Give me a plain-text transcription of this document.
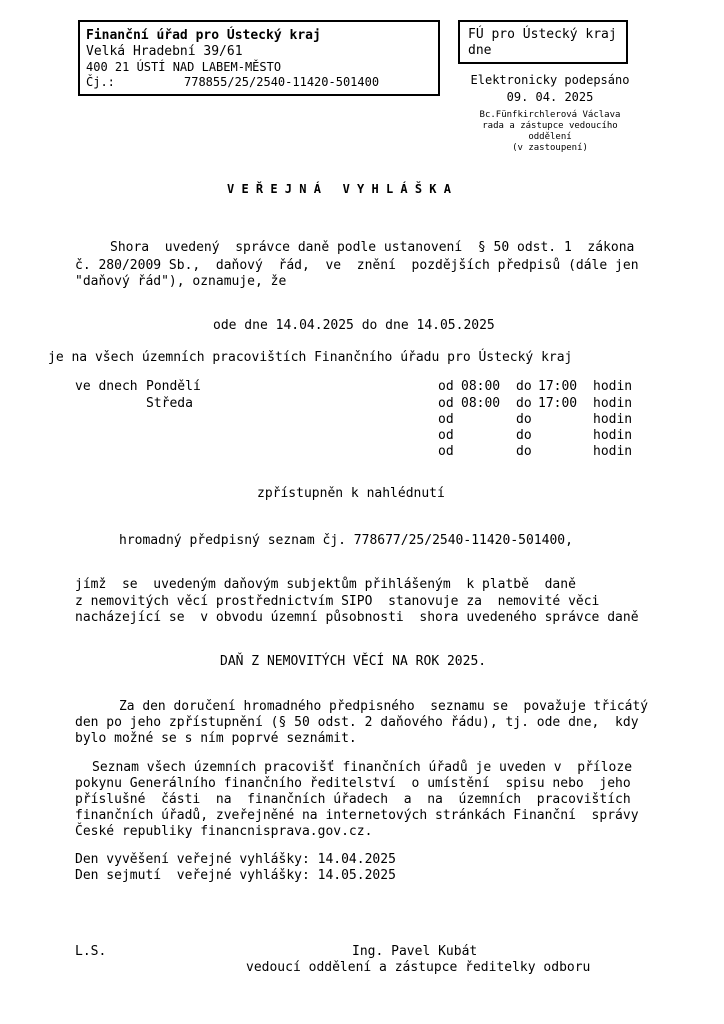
Finanční úřad pro Ústecký kraj
Velká Hradební 39/61
400 21 ÚSTÍ NAD LABEM-MĚSTO
Čj.:	778855/25/2540-11420-501400
FÚ pro Ústecký kraj
dne
Elektronicky podepsáno
09. 04. 2025
Bc.Fünfkirchlerová Václava
rada a zástupce vedoucího
oddělení
(v zastoupení)
V E Ř E J N Á   V Y H L Á Š K A
Shora  uvedený  správce daně podle ustanovení  § 50 odst. 1  zákona
č. 280/2009 Sb.,  daňový  řád,  ve  znění  pozdějších předpisů (dále jen
"daňový řád"), oznamuje, že
ode dne 14.04.2025 do dne 14.05.2025
je na všech územních pracovištích Finančního úřadu pro Ústecký kraj
ve dnech Pondělí	od 08:00 do 17:00 hodin
Středa	od 08:00 do 17:00 hodin
od	do	hodin
od	do	hodin
od	do	hodin
zpřístupněn k nahlédnutí
hromadný předpisný seznam čj. 778677/25/2540-11420-501400,
jímž  se  uvedeným daňovým subjektům přihlášeným  k platbě  daně
z nemovitých věcí prostřednictvím SIPO  stanovuje za  nemovité věci
nacházející se  v obvodu územní působnosti  shora uvedeného správce daně
DAŇ Z NEMOVITÝCH VĚCÍ NA ROK 2025.
Za den doručení hromadného předpisného  seznamu se  považuje třicátý
den po jeho zpřístupnění (§ 50 odst. 2 daňového řádu), tj. ode dne,  kdy
bylo možné se s ním poprvé seznámit.
Seznam všech územních pracovišť finančních úřadů je uveden v  příloze
pokynu Generálního finančního ředitelství  o umístění  spisu nebo  jeho
příslušné  části  na  finančních úřadech  a  na  územních  pracovištích
finančních úřadů, zveřejněné na internetových stránkách Finanční  správy
České republiky financnisprava.gov.cz.
Den vyvěšení veřejné vyhlášky: 14.04.2025
Den sejmutí  veřejné vyhlášky: 14.05.2025
L.S.	Ing. Pavel Kubát
vedoucí oddělení a zástupce ředitelky odboru
